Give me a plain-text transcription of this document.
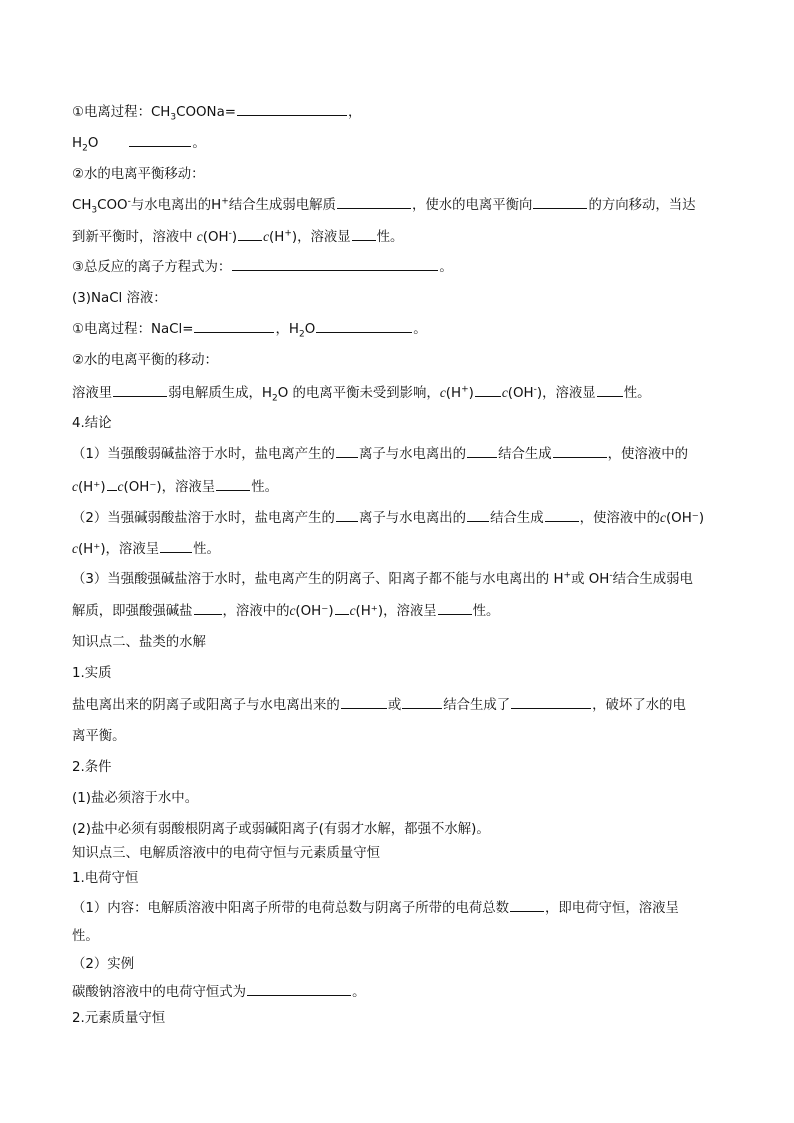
①电离过程：$CH_3COONa=$	，
$H_2O$	。
②水的电离平衡移动：
$CH_3COO^-$与水电离出的H+结合生成弱电解质	，使水的电离平衡向	的方向移动，当达
到新平衡时，溶液中 c(OH-) c(H+)，溶液显 性。
③总反应的离子方程式为：	。
(3)NaCl 溶液：
①电离过程：NaCl=	，$H_2O$	。
②水的电离平衡的移动：
溶液里	弱电解质生成，$H_2O$ 的电离平衡未受到影响，c(H+) c(OH-)，溶液显 性。
4.结论
（1）当强酸弱碱盐溶于水时，盐电离产生的 离子与水电离出的 结合生成	，使溶液中的
c(H⁺) c(OH⁻)，溶液呈	性。
（2）当强碱弱酸盐溶于水时，盐电离产生的 离子与水电离出的 结合生成	，使溶液中的c(OH⁻)
c(H⁺)，溶液呈	性。
（3）当强酸强碱盐溶于水时，盐电离产生的阴离子、阳离子都不能与水电离出的 H+或 OH-结合生成弱电
解质，即强酸强碱盐 ，溶液中的c(OH⁻) c(H⁺)，溶液呈	性。
知识点二、盐类的水解
1.实质
盐电离出来的阴离子或阳离子与水电离出来的	或	结合生成了	，破坏了水的电
离平衡。
2.条件
(1)盐必须溶于水中。
(2)盐中必须有弱酸根阴离子或弱碱阳离子(有弱才水解，都强不水解)。
知识点三、电解质溶液中的电荷守恒与元素质量守恒
1.电荷守恒
（1）内容：电解质溶液中阳离子所带的电荷总数与阴离子所带的电荷总数	，即电荷守恒，溶液呈
性。
（2）实例
碳酸钠溶液中的电荷守恒式为	。
2.元素质量守恒
